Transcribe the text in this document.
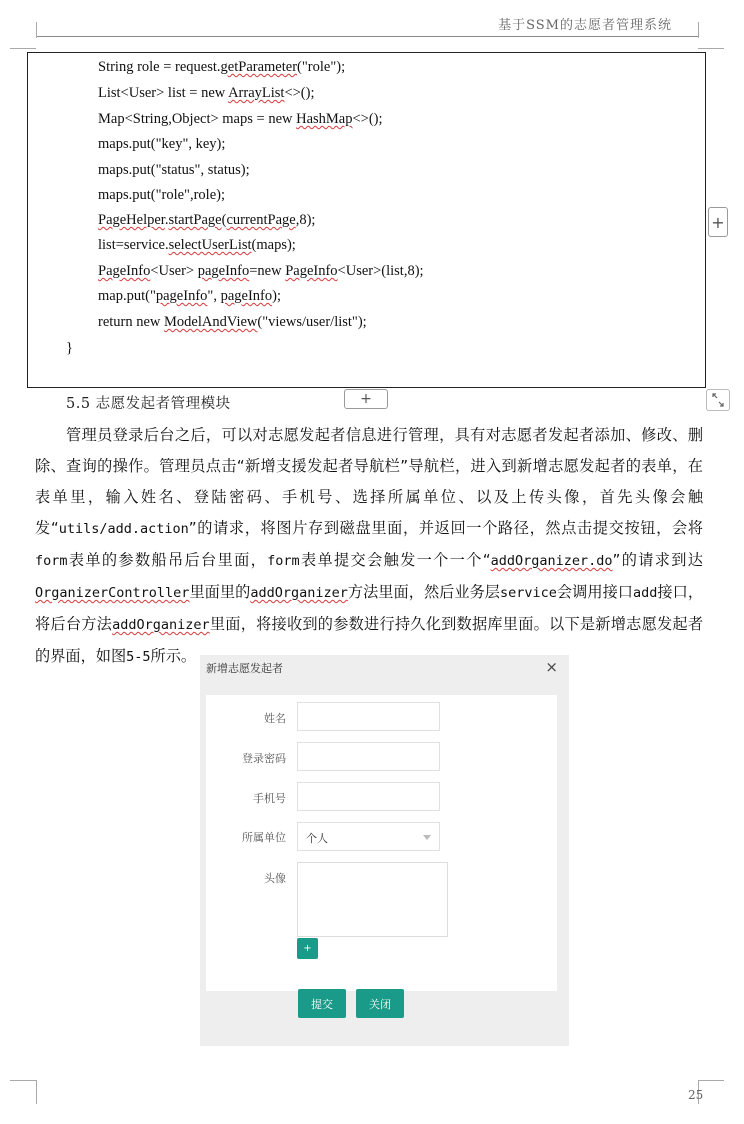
基于SSM的志愿者管理系统
String role = request.getParameter("role");
List<User> list = new ArrayList<>();
Map<String,Object> maps = new HashMap<>();
maps.put("key", key);
maps.put("status", status);
maps.put("role",role);
PageHelper.startPage(currentPage,8);
list=service.selectUserList(maps);
PageInfo<User> pageInfo=new PageInfo<User>(list,8);
map.put("pageInfo", pageInfo);
return new ModelAndView("views/user/list");
}
+
+
5.5 志愿发起者管理模块

管理员登录后台之后，可以对志愿发起者信息进行管理，具有对志愿者发起者添加、修改、删除、查询的操作。管理员点击“新增支援发起者导航栏”导航栏，进入到新增志愿发起者的表单，在表单里，输入姓名、登陆密码、手机号、选择所属单位、以及上传头像，首先头像会触发“utils/add.action”的请求，将图片存到磁盘里面，并返回一个路径，然点击提交按钮，会将form表单的参数船吊后台里面，form表单提交会触发一个一个“addOrganizer.do”的请求到达OrganizerController里面里的addOrganizer方法里面，然后业务层service会调用接口add接口，将后台方法addOrganizer里面，将接收到的参数进行持久化到数据库里面。以下是新增志愿发起者的界面，如图5-5所示。

新增志愿发起者	×
姓名
登录密码
手机号
所属单位 个人
头像
+
提交	关闭
25
